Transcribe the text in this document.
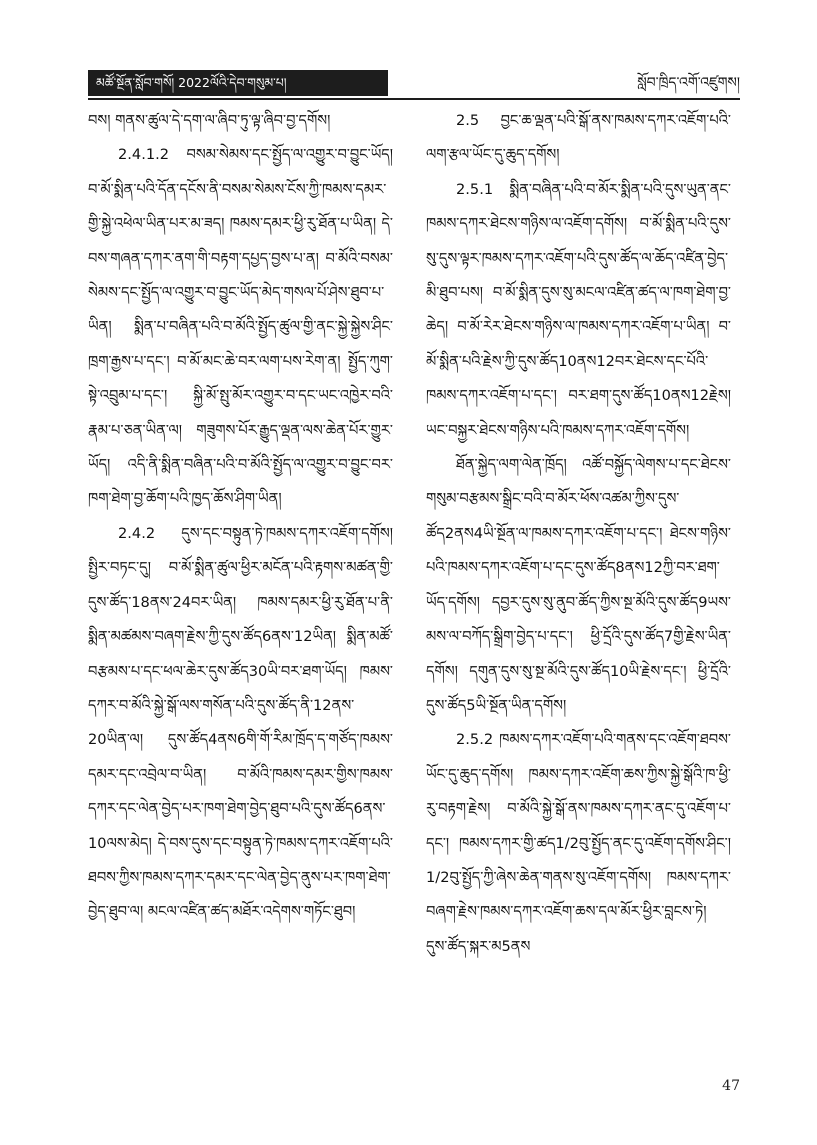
མཚོ་སྔོན་སློབ་གསོ། 2022ལོའི་དེབ་གསུམ་པ།	སློབ་ཁྲིད་འགོ་འཛུགས།

བས། གནས་ཚུལ་དེ་དག་ལ་ཞིབ་ཏུ་ལྟ་ཞིབ་བྱ་དགོས།

2.4.1.2 བསམ་སེམས་དང་སྤྱོད་ལ་འགྱུར་བ་བྱུང་ཡོད། བ་མོ་སྨིན་པའི་དོན་དངོས་ནི་བསམ་སེམས་ངོས་ཀྱི་ཁམས་དམར་གྱི་སྐྱེ་འཕེལ་ཡིན་པར་མ་ཟད། ཁམས་དམར་ཕྱི་རུ་ཐོན་པ་ཡིན། དེ་བས་གཞན་དཀར་ནག་གི་བརྟག་དཔྱད་བྱས་པ་ན། བ་མོའི་བསམ་སེམས་དང་སྤྱོད་ལ་འགྱུར་བ་བྱུང་ཡོད་མེད་གསལ་པོ་ཤེས་ཐུབ་པ་ཡིན། སྨིན་པ་བཞིན་པའི་བ་མོའི་སྤྱོད་ཚུལ་གྱི་ནང་སྐྱེ་སྐྱེས་ཤིང་ཁྲག་རྒྱས་པ་དང་། བ་མོ་མང་ཆེ་བར་ལག་པས་རེག་ན། སྤྱོད་ཀུག་སྟེ་འབྲུམ་པ་དང་། སྐྱི་མོ་སྤུ་མོར་འགྱུར་བ་དང་ཡང་འཁྱེར་བའི་རྣམ་པ་ཅན་ཡིན་ལ། གཟུགས་པོར་རྒྱུད་ལྡན་ལས་ཆེན་པོར་གྱུར་ཡོད། འདི་ནི་སྨིན་བཞིན་པའི་བ་མོའི་སྤྱོད་ལ་འགྱུར་བ་བྱུང་བར་ཁག་ཐེག་བྱ་ཆོག་པའི་ཁྱད་ཆོས་ཤིག་ཡིན།

2.4.2 དུས་དང་བསྟུན་ཏེ་ཁམས་དཀར་འཇོག་དགོས། སྤྱིར་བཏང་དུ། བ་མོ་སྨིན་ཚུལ་ཕྱིར་མངོན་པའི་རྟགས་མཚན་གྱི་དུས་ཚོད་18ནས་24བར་ཡིན། ཁམས་དམར་ཕྱི་རུ་ཐོན་པ་ནི་སྨིན་མཚམས་བཞག་རྗེས་ཀྱི་དུས་ཚོད6ནས་12ཡིན། སྨིན་མཚོ་བརྩམས་པ་དང་ཕལ་ཆེར་དུས་ཚོད30ཡི་བར་ཐག་ཡོད། ཁམས་དཀར་བ་མོའི་སྐྱེ་སྒོ་ལས་གསོན་པའི་དུས་ཚོད་ནི་12ནས་20ཡིན་ལ། དུས་ཚོད4ནས6གི་གོ་རིམ་ཁྲོད་ད་གཙོད་ཁམས་དམར་དང་འབྲེལ་བ་ཡིན། བ་མོའི་ཁམས་དམར་གྱིས་ཁམས་དཀར་དང་ལེན་བྱེད་པར་ཁག་ཐེག་བྱེད་ཐུབ་པའི་དུས་ཚོད6ནས་10ལས་མེད། དེ་བས་དུས་དང་བསྟུན་ཏེ་ཁམས་དཀར་འཇོག་པའི་ཐབས་ཀྱིས་ཁམས་དཀར་དམར་དང་ལེན་བྱེད་ནུས་པར་ཁག་ཐེག་བྱེད་ཐུབ་ལ། མངལ་འཛིན་ཚད་མཐོར་འདེགས་གཏོང་ཐུབ།

2.5 བྱང་ཆ་ལྡན་པའི་སྒོ་ནས་ཁམས་དཀར་འཇོག་པའི་ལག་རྩལ་ཡོང་དུ་ཆུད་དགོས།

2.5.1 སྨིན་བཞིན་པའི་བ་མོར་སྨིན་པའི་དུས་ཡུན་ནང་ཁམས་དཀར་ཐེངས་གཉིས་ལ་འཇོག་དགོས། བ་མོ་སྨིན་པའི་དུས་སུ་དུས་ལྟར་ཁམས་དཀར་འཇོག་པའི་དུས་ཚོད་ལ་ཆོད་འཛིན་བྱེད་མི་ཐུབ་པས། བ་མོ་སྨིན་དུས་སུ་མངལ་འཛིན་ཚད་ལ་ཁག་ཐེག་བྱ་ཆེད། བ་མོ་རེར་ཐེངས་གཉིས་ལ་ཁམས་དཀར་འཇོག་པ་ཡིན། བ་མོ་སྨིན་པའི་རྗེས་ཀྱི་དུས་ཚོད10ནས12བར་ཐེངས་དང་པོའི་ཁམས་དཀར་འཇོག་པ་དང་། བར་ཐག་དུས་ཚོད10ནས12རྗེས། ཡང་བསྐྱར་ཐེངས་གཉིས་པའི་ཁམས་དཀར་འཇོག་དགོས།

ཐོན་སྐྱེད་ལག་ལེན་ཁྲོད། འཚོ་བསྐྱོད་ལེགས་པ་དང་ཐེངས་གསུམ་བརྩམས་སྒྲིང་བའི་བ་མོར་ཕོས་འཚམ་ཀྱིས་དུས་ཚོད2ནས4ཡི་སྔོན་ལ་ཁམས་དཀར་འཇོག་པ་དང་། ཐེངས་གཉིས་པའི་ཁམས་དཀར་འཇོག་པ་དང་དུས་ཚོད8ནས12ཀྱི་བར་ཐག་ཡོད་དགོས། དབྱར་དུས་སུ་ནུབ་ཚོད་ཀྱིས་སྔ་མོའི་དུས་ཚོད9ཡས་མས་ལ་བཀོད་སྒྲིག་བྱེད་པ་དང་། ཕྱི་དྲོའི་དུས་ཚོད7གྱི་རྗེས་ཡིན་དགོས། དགུན་དུས་སུ་སྔ་མོའི་དུས་ཚོད10ཡི་རྗེས་དང་། ཕྱི་དྲོའི་དུས་ཚོད5ཡི་སྔོན་ཡིན་དགོས།

2.5.2 ཁམས་དཀར་འཇོག་པའི་གནས་དང་འཇོག་ཐབས་ཡོང་དུ་ཆུད་དགོས། ཁམས་དཀར་འཇོག་ཆས་ཀྱིས་སྐྱེ་སྒོའི་ཁ་ཕྱི་རུ་བརྟག་རྗེས། བ་མོའི་སྐྱེ་སྒོ་ནས་ཁམས་དཀར་ནང་དུ་འཇོག་པ་དང་། ཁམས་དཀར་གྱི་ཚད1/2བུ་སྤྱོད་ནང་དུ་འཇོག་དགོས་ཤིང་། 1/2བུ་སྤྱོད་ཀྱི་ཞེས་ཆེན་གནས་སུ་འཇོག་དགོས། ཁམས་དཀར་བཞག་རྗེས་ཁམས་དཀར་འཇོག་ཆས་དལ་མོར་ཕྱིར་བླངས་ཏེ། དུས་ཚོད་སྐར་མ5ནས

47
